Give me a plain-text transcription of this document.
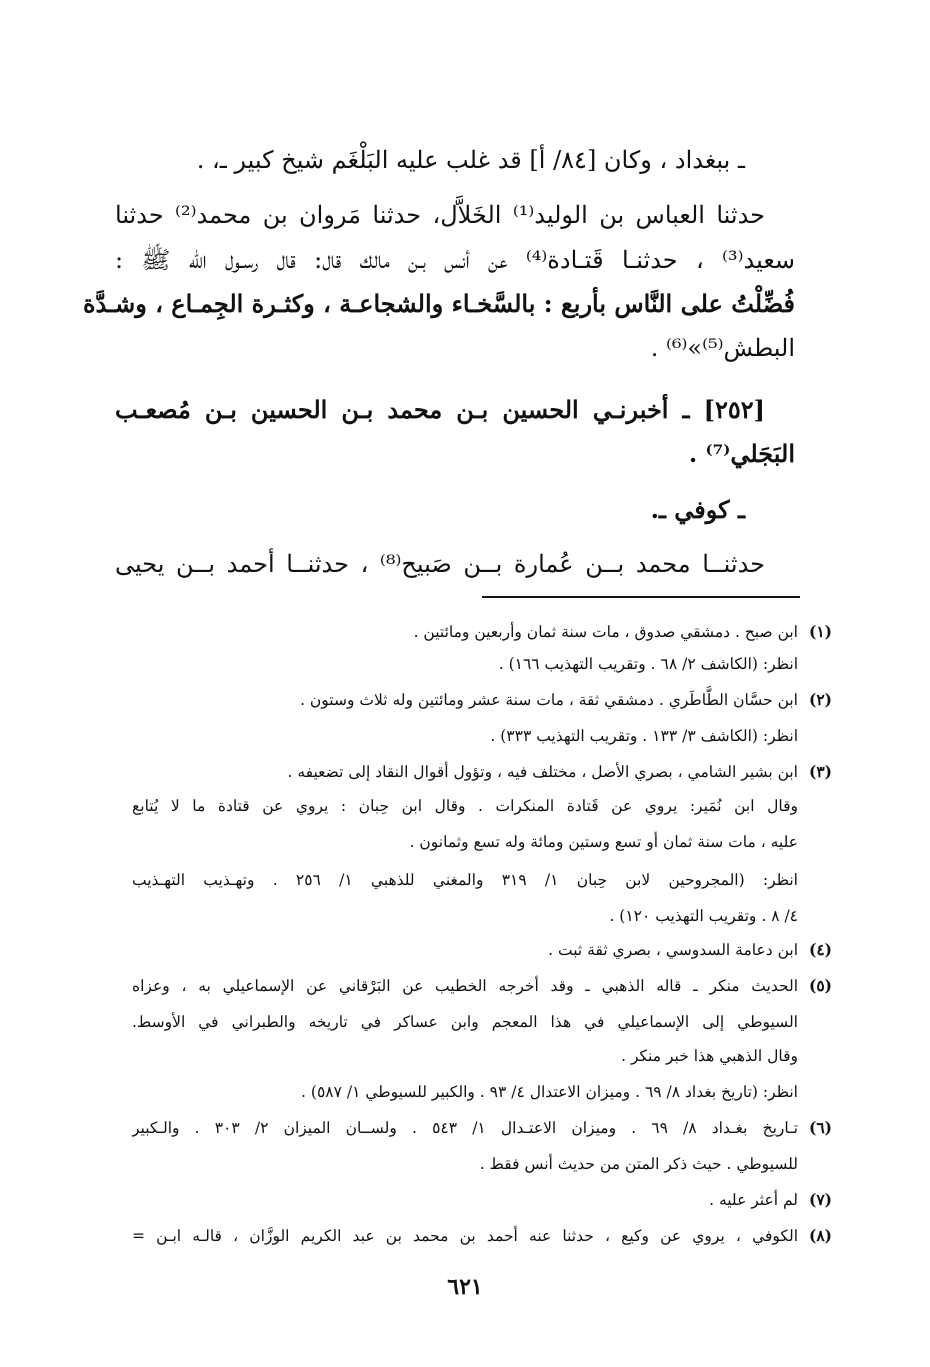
ـ ببغداد ، وكان [٨٤/ أ] قد غلب عليه البَلْغَم شيخ كبير ـ، .
حدثنا العباس بن الوليد⁽¹⁾ الخَلاَّل، حدثنا مَروان بن محمد⁽²⁾ حدثنا
سعيد⁽³⁾ ، حدثنـا قَتـادة⁽⁴⁾ عن أنس بـن مالك قال: قال رسـول الله ﷺ :
فُضِّلْتُ على النَّاس بأربع : بالسَّخـاء والشجاعـة ، وكثـرة الجِمـاع ، وشـدَّة
البطش⁽⁵⁾»⁽⁶⁾ .
[٢٥٢] ـ أخبرنـي الحسين بـن محمد بـن الحسين بـن مُصعـب
البَجَلي⁽⁷⁾ .
ـ كوفي ـ.
حدثنــا محمد بــن عُمارة بــن صَبيح⁽⁸⁾ ، حدثنــا أحمد بــن يحيى
(١)
ابن صبح . دمشقي صدوق ، مات سنة ثمان وأربعين ومائتين .
انظر: (الكاشف ٢/ ٦٨ . وتقريب التهذيب ١٦٦) .
(٢)
ابن حسَّان الطَّاطَري . دمشقي ثقة ، مات سنة عشر ومائتين وله ثلاث وستون .
انظر: (الكاشف ٣/ ١٣٣ . وتقريب التهذيب ٣٣٣) .
(٣)
ابن بشير الشامي ، بصري الأصل ، مختلف فيه ، وتؤول أقوال النقاد إلى تضعيفه .
وقال ابن نُمَير: يروي عن قَتادة المنكرات . وقال ابن حِبان : يروي عن قتادة ما لا يُتابع
عليه ، مات سنة ثمان أو تسع وستين ومائة وله تسع وثمانون .
انظر: (المجروحين لابن حِبان ١/ ٣١٩ والمغني للذهبي ١/ ٢٥٦ . وتهـذيب التهـذيب
٤/ ٨ . وتقريب التهذيب ١٢٠) .
(٤)
ابن دعامة السدوسي ، بصري ثقة ثبت .
(٥)
الحديث منكر ـ قاله الذهبي ـ وقد أخرجه الخطيب عن البَرْقاني عن الإسماعيلي به ، وعزاه
السيوطي إلى الإسماعيلي في هذا المعجم وابن عساكر في تاريخه والطبراني في الأوسط.
وقال الذهبي هذا خبر منكر .
انظر: (تاريخ بغداد ٨/ ٦٩ . وميزان الاعتدال ٤/ ٩٣ . والكبير للسيوطي ١/ ٥٨٧) .
(٦)
تـاريخ بغـداد ٨/ ٦٩ . وميزان الاعتـدال ١/ ٥٤٣ . ولســان الميزان ٢/ ٣٠٣ . والـكبير
للسيوطي . حيث ذكر المتن من حديث أنس فقط .
(٧)
لم أعثر عليه .
(٨)
الكوفي ، يروي عن وكيع ، حدثنا عنه أحمد بن محمد بن عبد الكريم الوزَّان ، قالـه ابـن =
٦٢١
